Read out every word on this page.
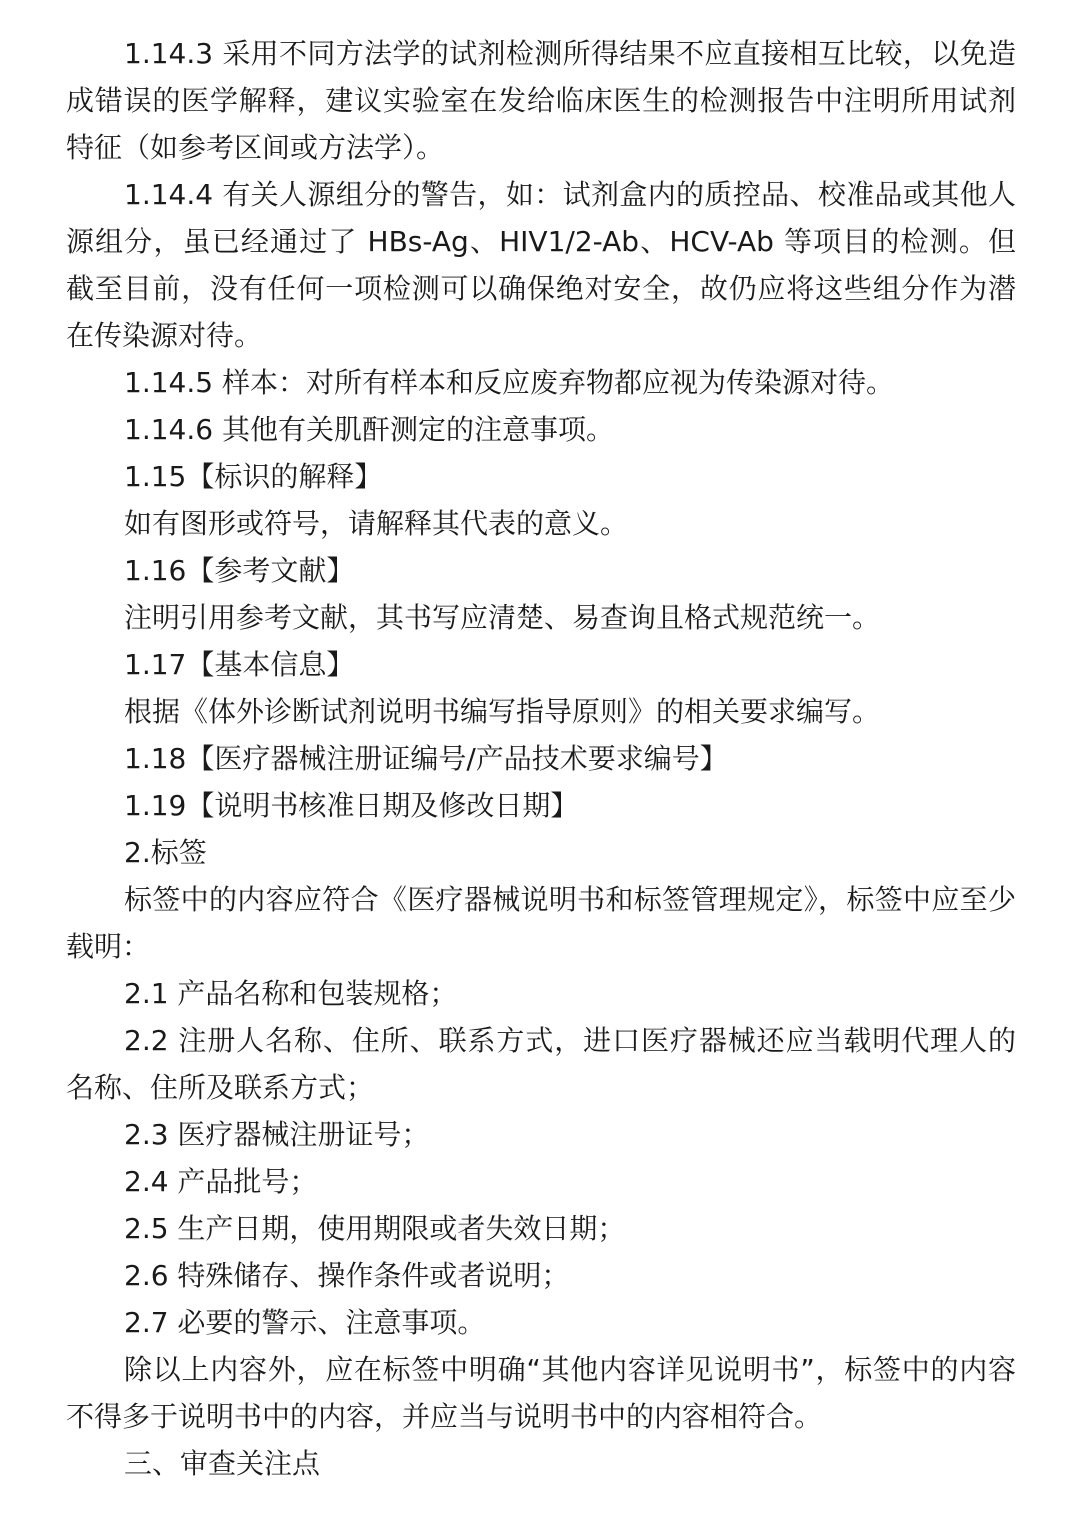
1.14.3 采用不同方法学的试剂检测所得结果不应直接相互比较，以免造成错误的医学解释，建议实验室在发给临床医生的检测报告中注明所用试剂特征（如参考区间或方法学）。

1.14.4 有关人源组分的警告，如：试剂盒内的质控品、校准品或其他人源组分，虽已经通过了 HBs-Ag、HIV1/2-Ab、HCV-Ab 等项目的检测。但截至目前，没有任何一项检测可以确保绝对安全，故仍应将这些组分作为潜在传染源对待。

1.14.5 样本：对所有样本和反应废弃物都应视为传染源对待。

1.14.6 其他有关肌酐测定的注意事项。

1.15【标识的解释】

如有图形或符号，请解释其代表的意义。

1.16【参考文献】

注明引用参考文献，其书写应清楚、易查询且格式规范统一。

1.17【基本信息】

根据《体外诊断试剂说明书编写指导原则》的相关要求编写。

1.18【医疗器械注册证编号/产品技术要求编号】

1.19【说明书核准日期及修改日期】

2.标签

标签中的内容应符合《医疗器械说明书和标签管理规定》，标签中应至少载明：

2.1 产品名称和包装规格；

2.2 注册人名称、住所、联系方式，进口医疗器械还应当载明代理人的名称、住所及联系方式；

2.3 医疗器械注册证号；

2.4 产品批号；

2.5 生产日期，使用期限或者失效日期；

2.6 特殊储存、操作条件或者说明；

2.7 必要的警示、注意事项。

除以上内容外，应在标签中明确“其他内容详见说明书”，标签中的内容不得多于说明书中的内容，并应当与说明书中的内容相符合。

三、审查关注点
